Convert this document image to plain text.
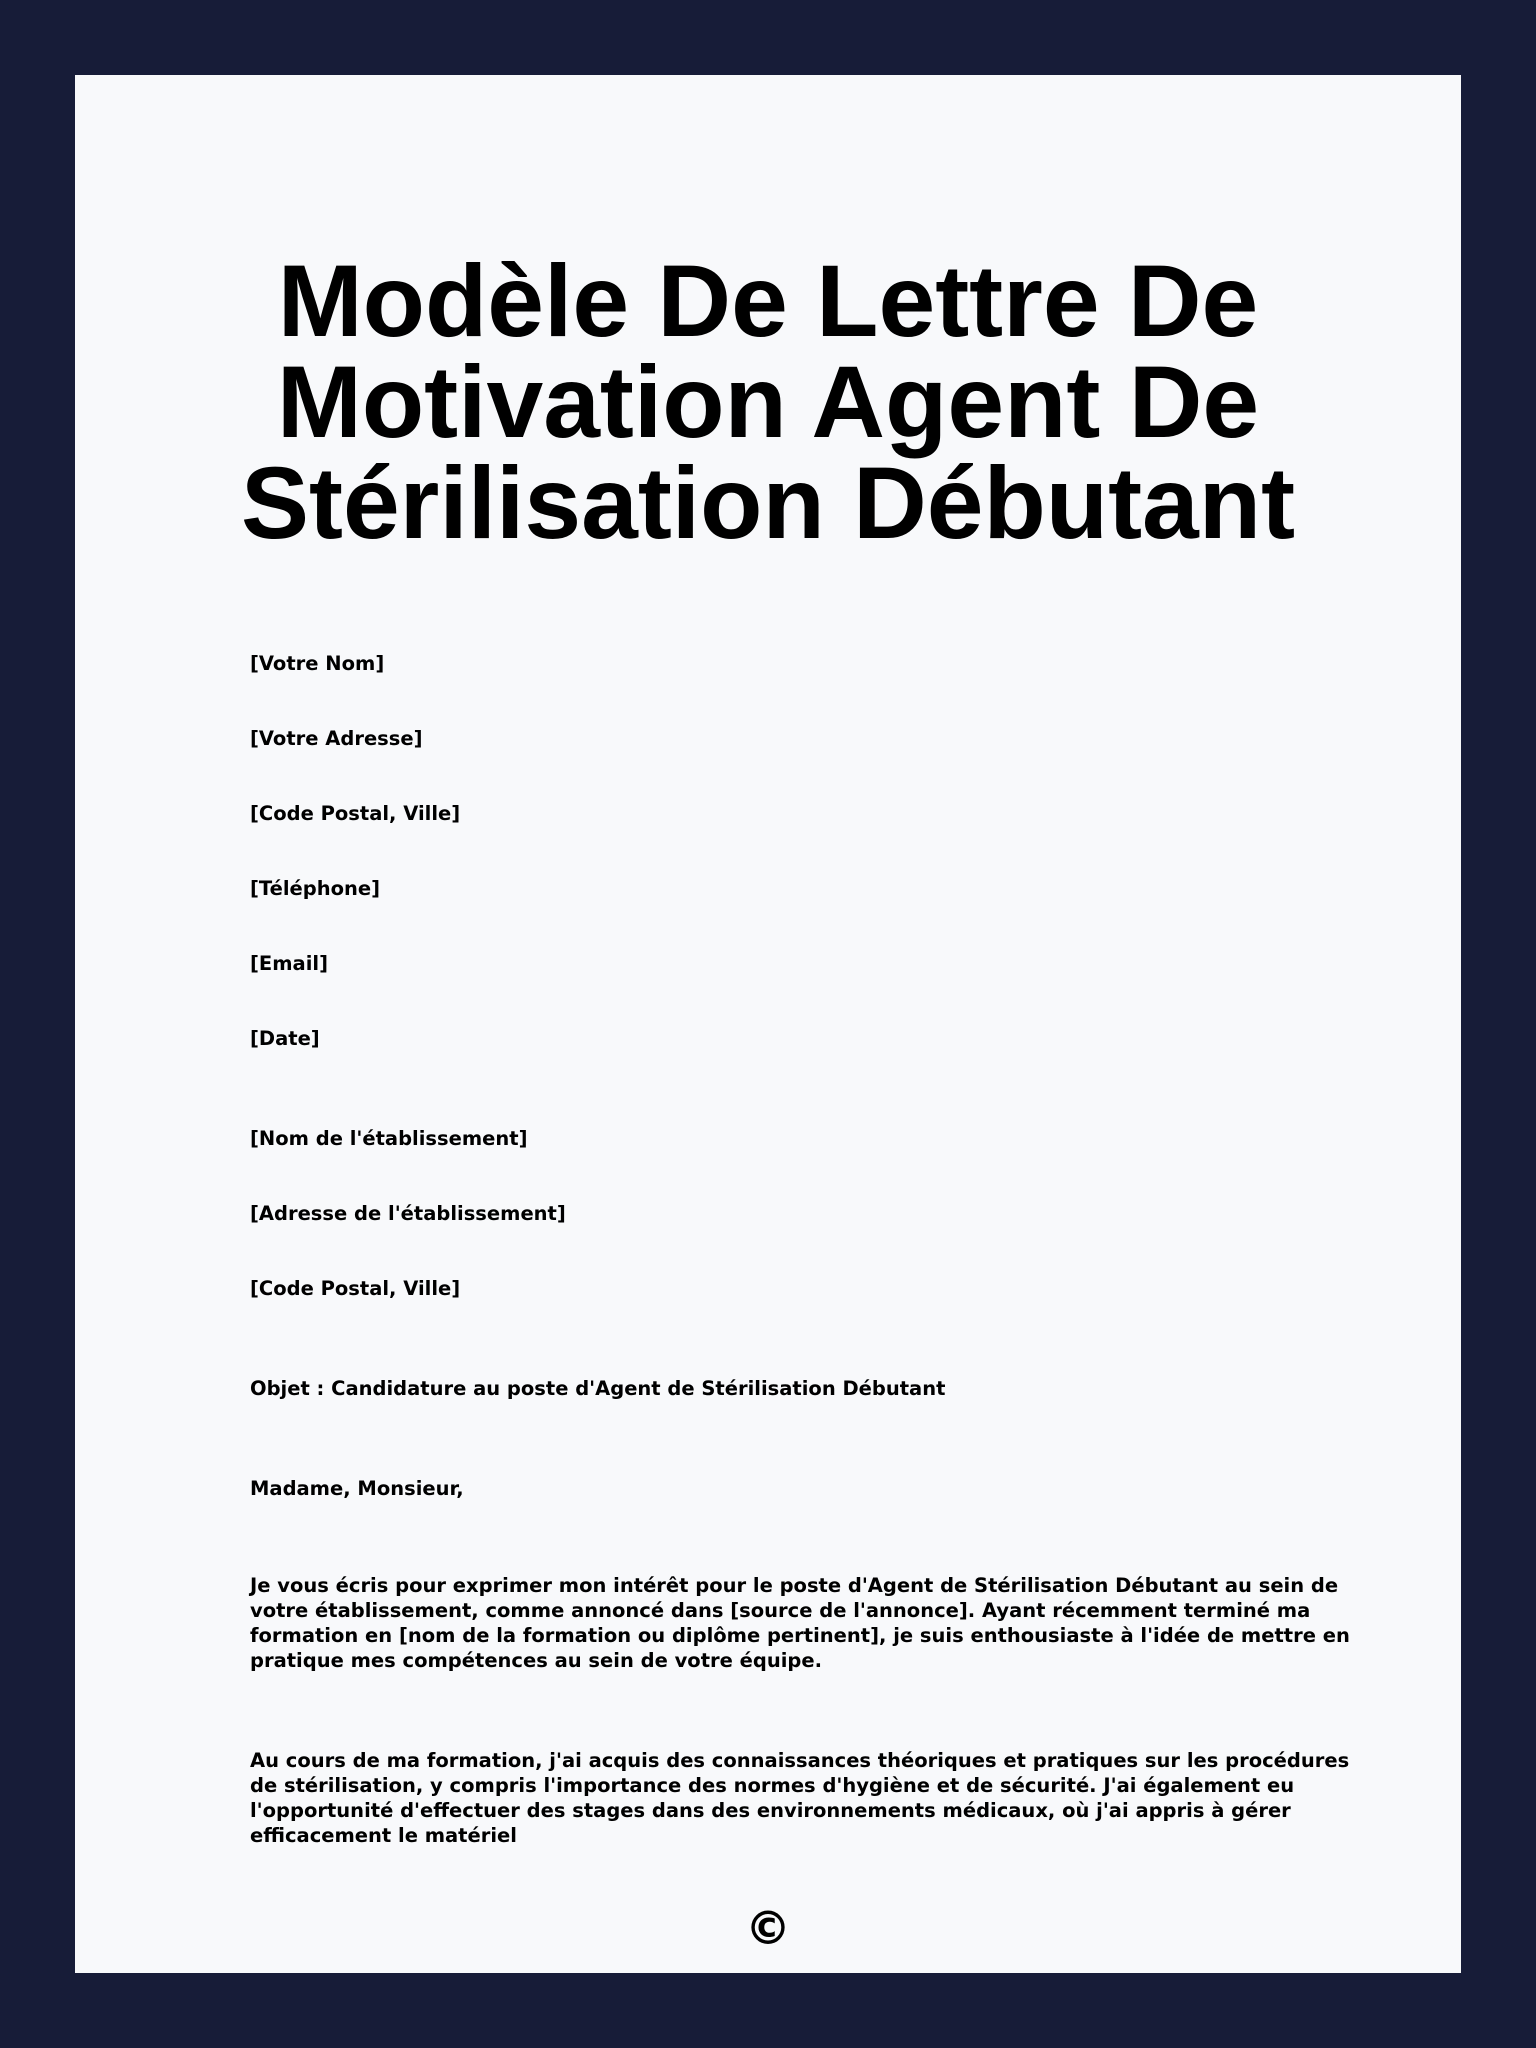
Modèle De Lettre De
Motivation Agent De
Stérilisation Débutant
[Votre Nom]
[Votre Adresse]
[Code Postal, Ville]
[Téléphone]
[Email]
[Date]
[Nom de l'établissement]
[Adresse de l'établissement]
[Code Postal, Ville]
Objet : Candidature au poste d'Agent de Stérilisation Débutant
Madame, Monsieur,

Je vous écris pour exprimer mon intérêt pour le poste d'Agent de Stérilisation Débutant au sein de votre établissement, comme annoncé dans [source de l'annonce]. Ayant récemment terminé ma formation en [nom de la formation ou diplôme pertinent], je suis enthousiaste à l'idée de mettre en pratique mes compétences au sein de votre équipe.

Au cours de ma formation, j'ai acquis des connaissances théoriques et pratiques sur les procédures de stérilisation, y compris l'importance des normes d'hygiène et de sécurité. J'ai également eu l'opportunité d'effectuer des stages dans des environnements médicaux, où j'ai appris à gérer efficacement le matériel

©
